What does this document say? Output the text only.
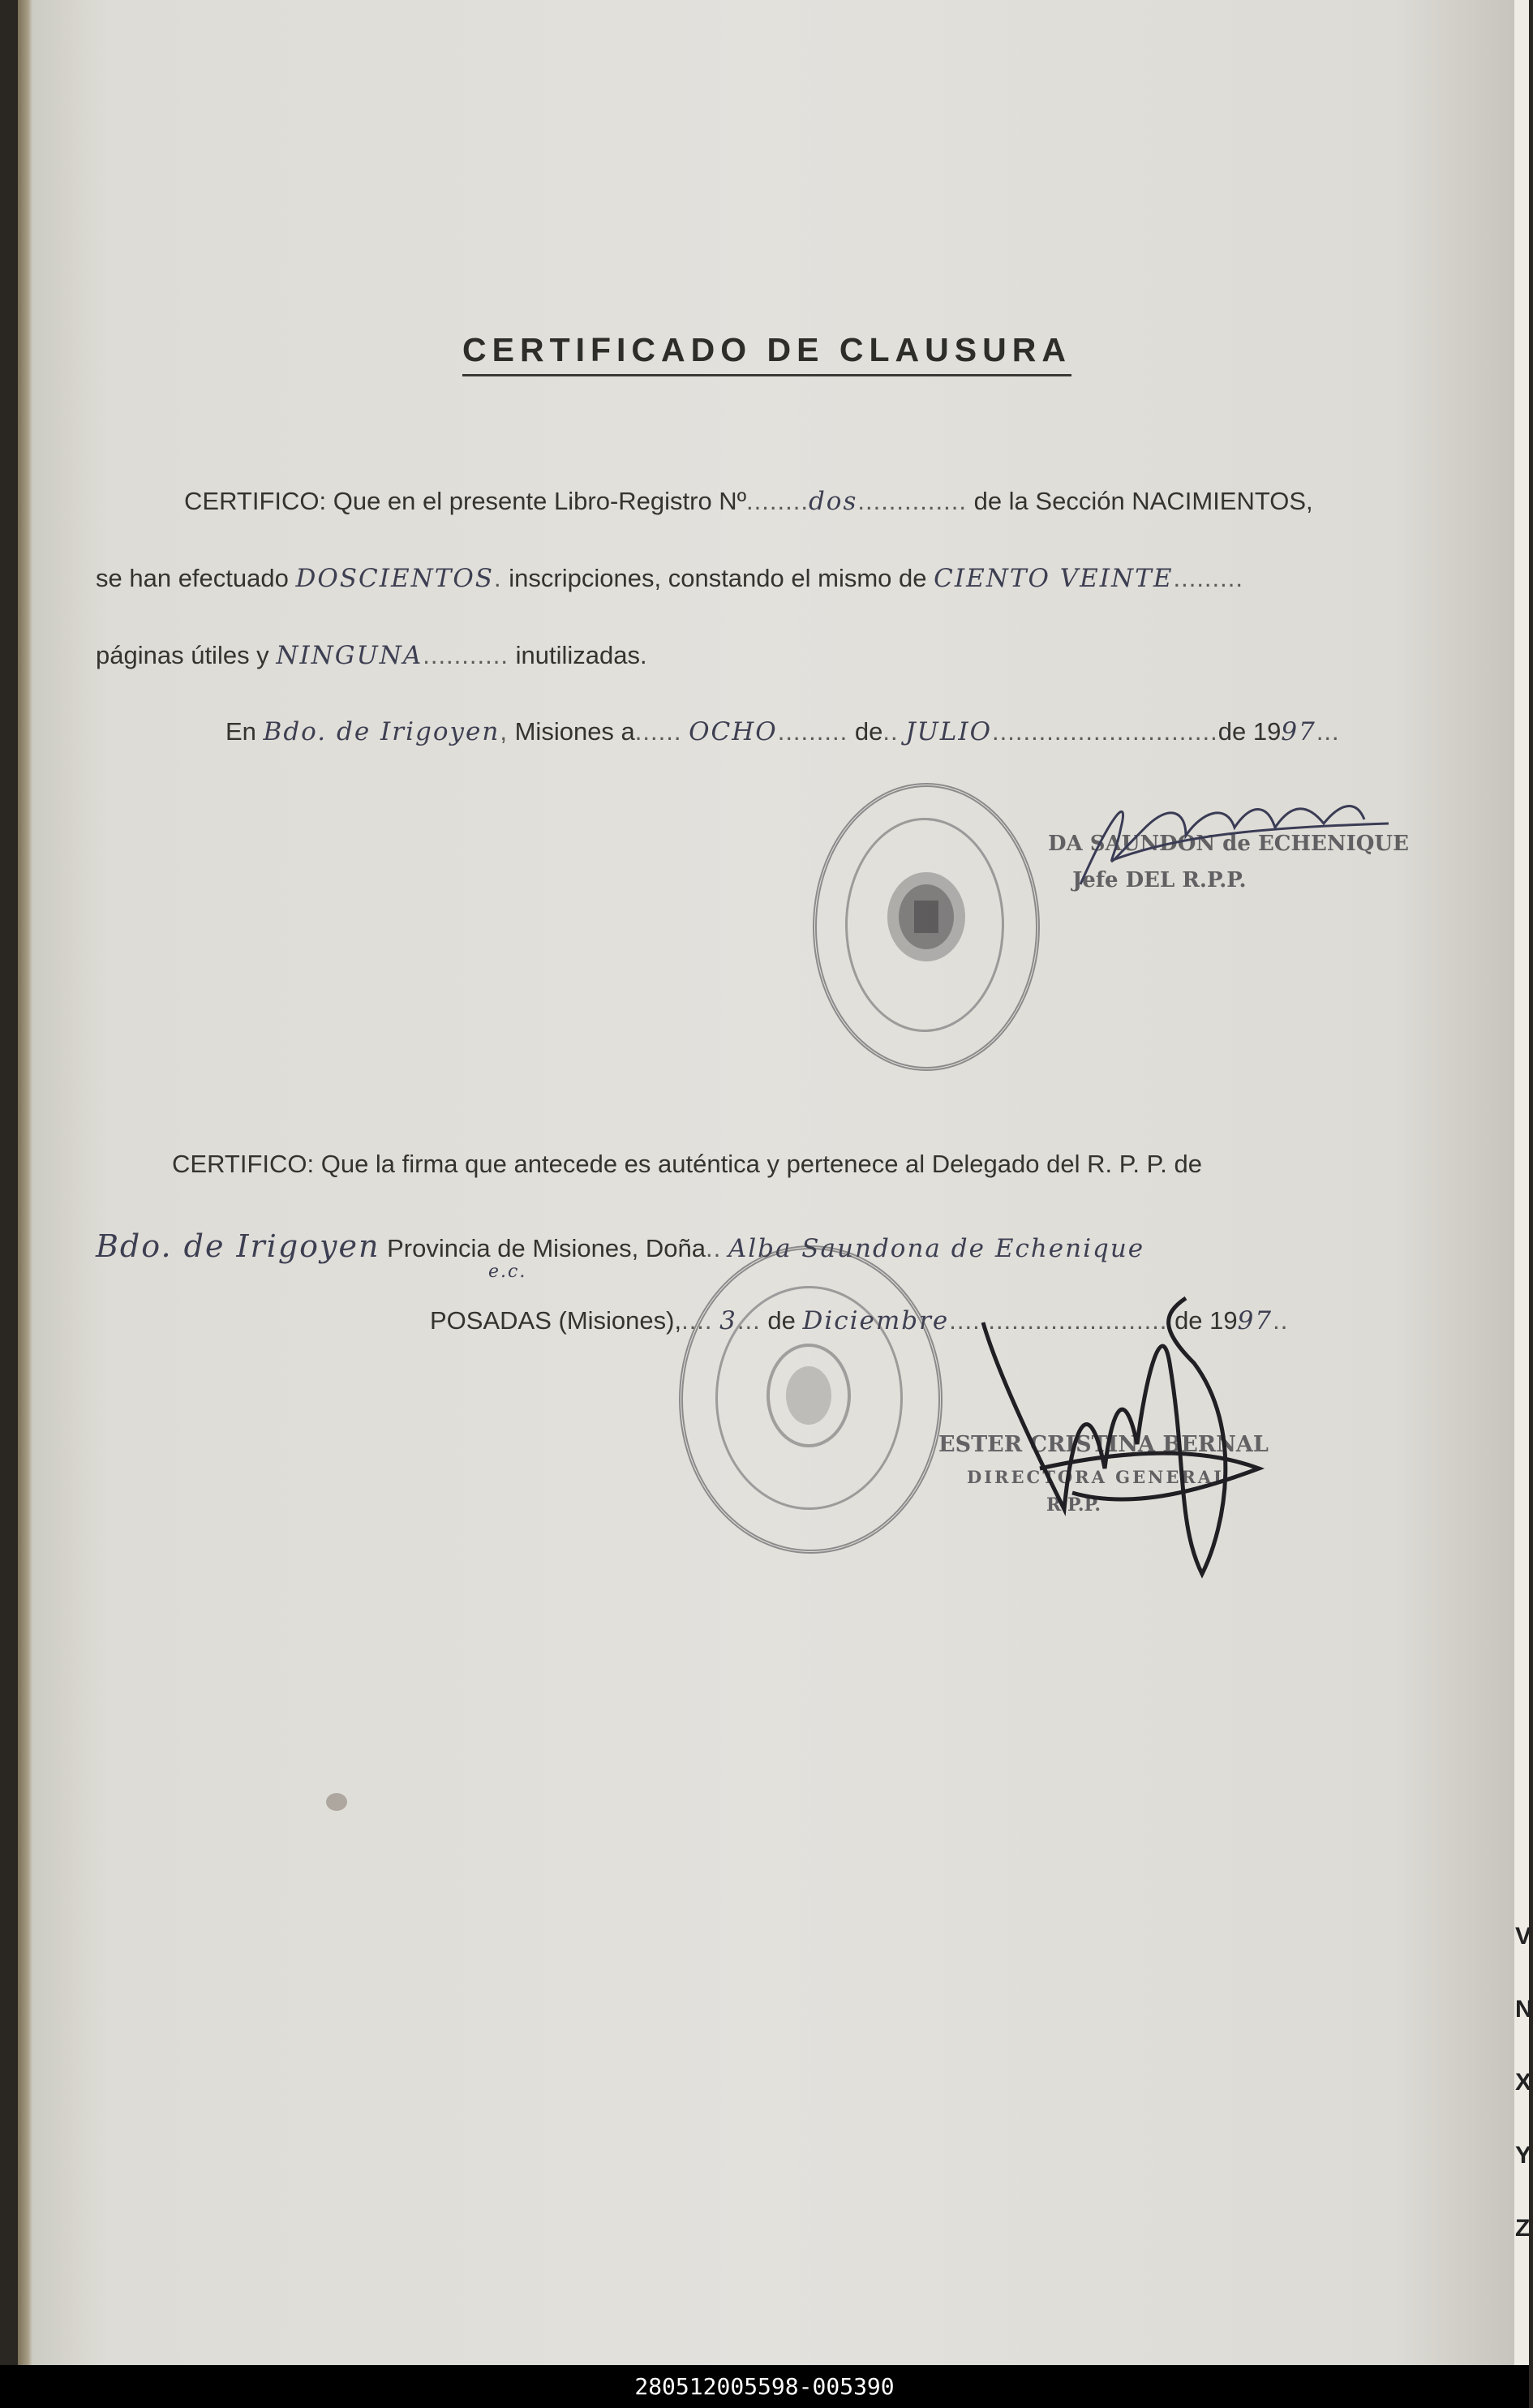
CERTIFICADO DE CLAUSURA
CERTIFICO: Que en el presente Libro-Registro Nº........dos.............. de la Sección NACIMIENTOS,
se han efectuado DOSCIENTOS. inscripciones, constando el mismo de CIENTO VEINTE.........
páginas útiles y NINGUNA........... inutilizadas.
En Bdo. de Irigoyen, Misiones a...... OCHO......... de.. JULIO.............................de 1997...
DA SAUNDON de ECHENIQUE
Jefe DEL R.P.P.
CERTIFICO: Que la firma que antecede es auténtica y pertenece al Delegado del R. P. P. de
Bdo. de Irigoyen Provincia de Misiones, Doña.. Alba Saundona de Echenique
e.c.
POSADAS (Misiones),.... 3... de Diciembre............................ de 1997..
ESTER CRISTINA BERNAL
DIRECTORA GENERAL
R.P.P.
V
N
X
Y
Z
280512005598-005390
